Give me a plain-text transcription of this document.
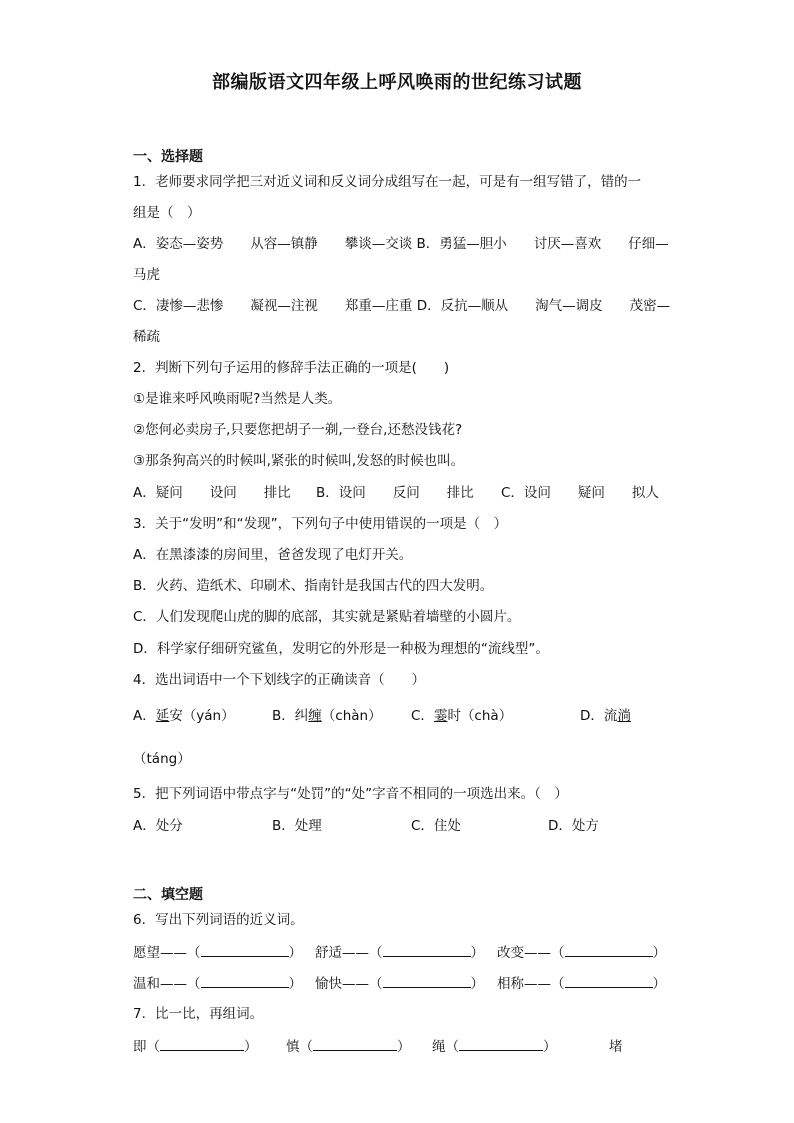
部编版语文四年级上呼风唤雨的世纪练习试题
一、选择题
1．老师要求同学把三对近义词和反义词分成组写在一起，可是有一组写错了，错的一
组是（　）
A．姿态—姿势　　从容—镇静　　攀谈—交谈 B．勇猛—胆小　　讨厌—喜欢　　仔细—
马虎
C．凄惨—悲惨　　凝视—注视　　郑重—庄重 D．反抗—顺从　　淘气—调皮　　茂密—
稀疏
2．判断下列句子运用的修辞手法正确的一项是(　　)
①是谁来呼风唤雨呢?当然是人类。
②您何必卖房子,只要您把胡子一剃,一登台,还愁没钱花?
③那条狗高兴的时候叫,紧张的时候叫,发怒的时候也叫。
A．疑问　　设问　　排比 B．设问　　反问　　排比 C．设问　　疑问　　拟人
3．关于“发明”和“发现”，下列句子中使用错误的一项是（　）
A．在黑漆漆的房间里，爸爸发现了电灯开关。
B．火药、造纸术、印刷术、指南针是我国古代的四大发明。
C．人们发现爬山虎的脚的底部，其实就是紧贴着墙壁的小圆片。
D．科学家仔细研究鲨鱼，发明它的外形是一种极为理想的“流线型”。
4．选出词语中一个下划线字的正确读音（　　）
A．延安（yán）	B．纠缠（chàn） C．霎时（chà）	D．流淌
（táng）
5．把下列词语中带点字与“处罚”的“处”字音不相同的一项选出来。（　）
A．处分	B．处理	C．住处	D．处方
二、填空题
6．写出下列词语的近义词。
愿望——（	） 舒适——（	） 改变——（	）
温和——（	） 愉快——（	） 相称——（	）
7．比一比，再组词。
即（	） 慎（	） 绳（	）	堵
